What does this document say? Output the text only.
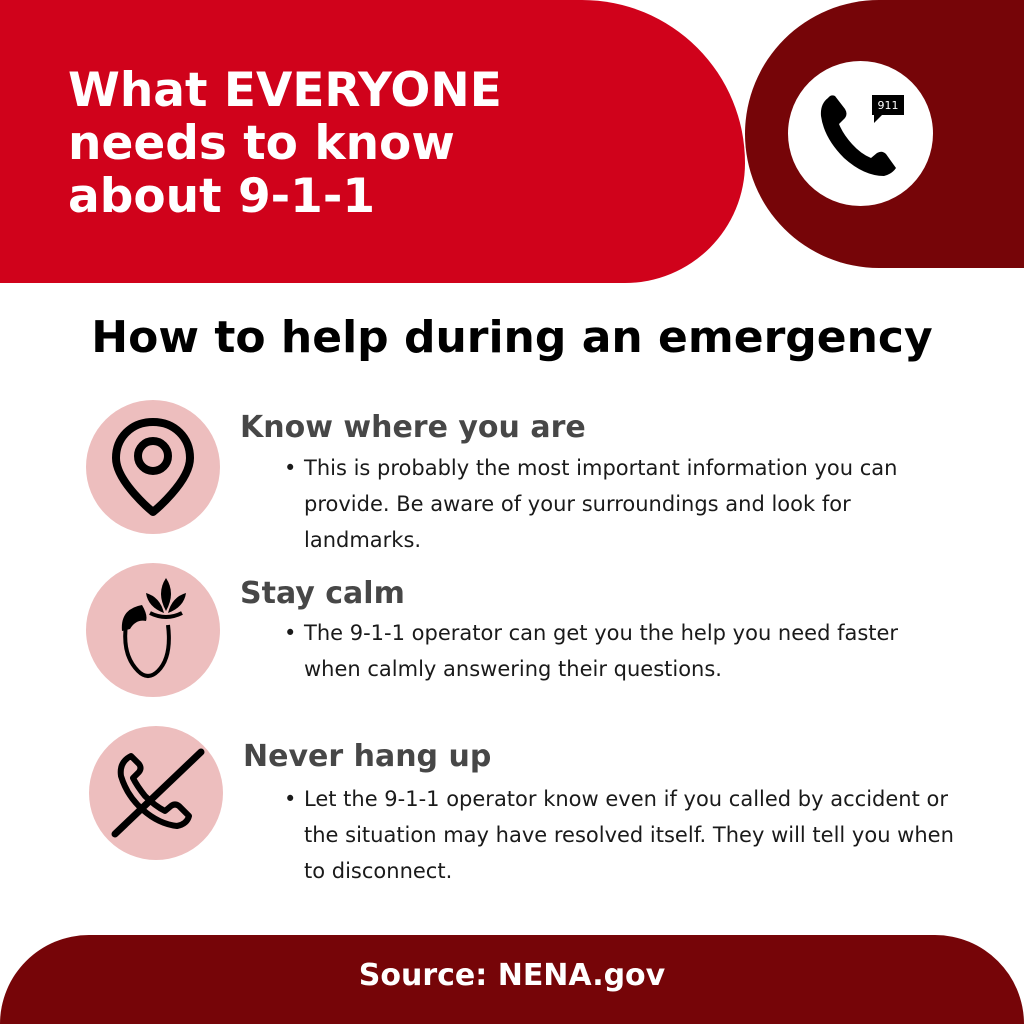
What EVERYONE
needs to know
about 9-1-1
911
How to help during an emergency
Know where you are
• This is probably the most important information you can provide. Be aware of your surroundings and look for landmarks.
Stay calm
• The 9-1-1 operator can get you the help you need faster when calmly answering their questions.
Never hang up
• Let the 9-1-1 operator know even if you called by accident or the situation may have resolved itself. They will tell you when to disconnect.

Source: NENA.gov
